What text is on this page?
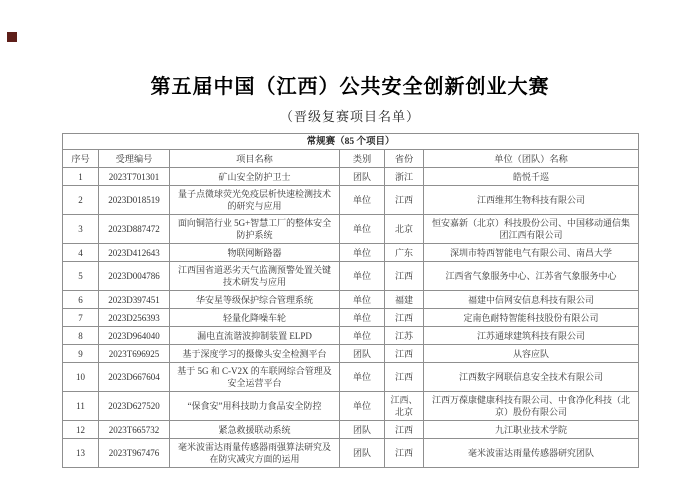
第五届中国（江西）公共安全创新创业大赛
（晋级复赛项目名单）
常规赛（85 个项目）					
序号	受理编号	项目名称	类别	省份	单位（团队）名称
1	2023T701301	矿山安全防护卫士	团队	浙江	皓悦千巡
2	2023D018519	量子点微球荧光免疫层析快速检测技术的研究与应用	单位	江西	江西维邦生物科技有限公司
3	2023D887472	面向铜箔行业 5G+智慧工厂的整体安全防护系统	单位	北京	恒安嘉新（北京）科技股份公司、中国移动通信集团江西有限公司
4	2023D412643	物联网断路器	单位	广东	深圳市特西智能电气有限公司、南昌大学
5	2023D004786	江西国省道恶劣天气监测预警处置关键技术研发与应用	单位	江西	江西省气象服务中心、江苏省气象服务中心
6	2023D397451	华安星等级保护综合管理系统	单位	福建	福建中信网安信息科技有限公司
7	2023D256393	轻量化降噪车轮	单位	江西	定南色耐特智能科技股份有限公司
8	2023D964040	漏电直流谐波抑制装置 ELPD	单位	江苏	江苏通球建筑科技有限公司
9	2023T696925	基于深度学习的摄像头安全检测平台	团队	江西	从容应队
10	2023D667604	基于 5G 和 C-V2X 的车联网综合管理及安全运营平台	单位	江西	江西数字网联信息安全技术有限公司
11	2023D627520	“保食安”用科技助力食品安全防控	单位	江西、北京	江西万葆康健康科技有限公司、中食净化科技（北京）股份有限公司
12	2023T665732	紧急救援联动系统	团队	江西	九江职业技术学院
13	2023T967476	毫米波雷达雨量传感器雨强算法研究及在防灾减灾方面的运用	团队	江西	毫米波雷达雨量传感器研究团队
